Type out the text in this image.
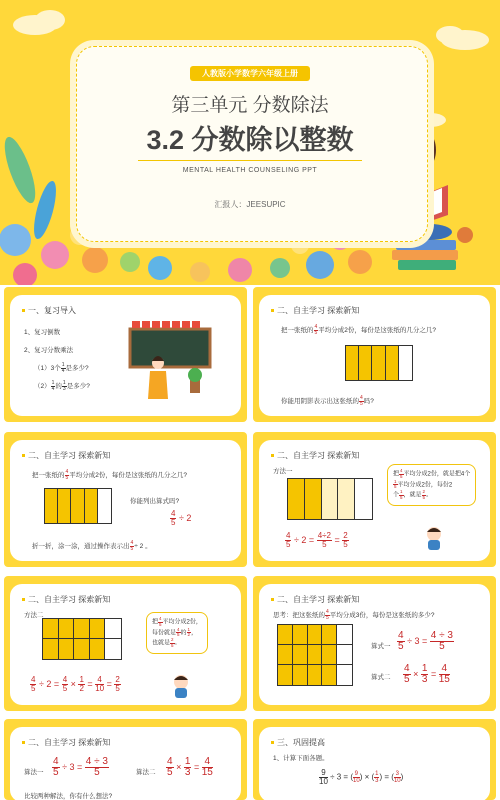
人教版小学数学六年级上册
第三单元 分数除法
3.2 分数除以整数
MENTAL HEALTH COUNSELING PPT
汇报人：JEESUPIC
一、复习导入
1、复习倒数
2、复习分数乘法
（1）3个 $\frac{1}{4}$ 是多少?
$(2) \frac{1}{4}$ 的 $\frac{1}{3}$ 是多少?
二、自主学习 探索新知
把一张纸的 $\frac{4}{5}$ 平均分成2份，每份是这张纸的几分之几?
你能用阴影表示出这张纸的 $\frac{4}{5}$ 吗?
二、自主学习 探索新知
把一张纸的 $\frac{4}{5}$ 平均分成2份，每份是这张纸的几分之几?
你能列出算式吗?
$\frac{4}{5} \div 2$
折一折，涂一涂，通过操作表示出 $\frac{4}{5} \div 2$ 。
二、自主学习 探索新知
方法一	把 $\frac{4}{5}$ 平均分成2份，就是把4个
$\frac{1}{5}$ 平均分成2份，每份2
个 $\frac{1}{5}$ ，就是 $\frac{2}{5}$ 。
$\frac{4}{5} \div 2 = \frac{4\div 2}{5} = \frac{2}{5}$
二、自主学习 探索新知
方法二
把 $\frac{4}{5}$ 平均分成2份，
每份就是 $\frac{4}{5}$ 的 $\frac{1}{2}$ ，
也就是 $\frac{2}{5}$ 。
$\frac{4}{5} \div 2 = \frac{4}{5} \times \frac{1}{2} = \frac{4}{10} = \frac{2}{5}$
二、自主学习 探索新知
思考：把这张纸的 $\frac{4}{5}$ 平均分成3份，每份是这张纸的多少?
算式一 $\frac{4}{5} \div 3 = \frac{4 \div 3}{5}$
算式二 $\frac{4}{5} \times \frac{1}{3} = \frac{4}{15}$
二、自主学习 探索新知
算法一 $\frac{4}{5} \div 3 = \frac{4 \div 3}{5}$	算法二 $\frac{4}{5} \times \frac{1}{3} = \frac{4}{15}$
比较两种解法，你有什么想法?
三、巩固提高
1、计算下面各题。
$\frac{9}{10} \div 3$ = ( $\frac{9}{10}$ ) × ( $\frac{1}{3}$ ) = ( $\frac{3}{10}$ )
